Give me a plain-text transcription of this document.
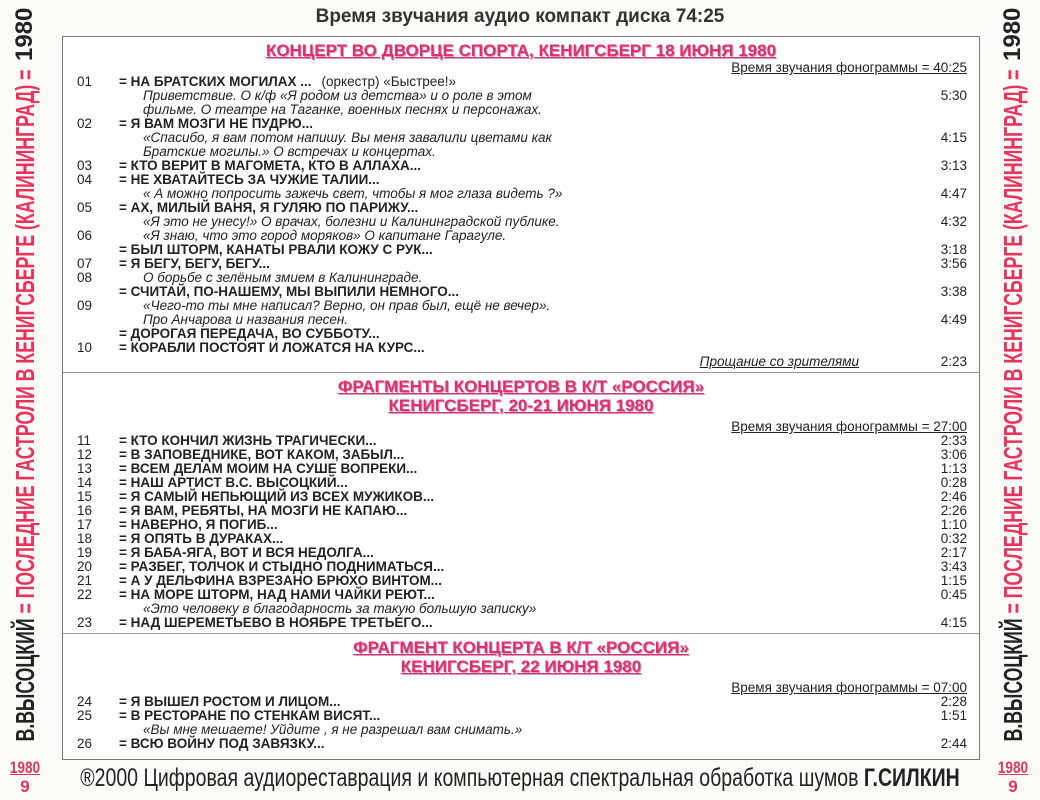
1980
В.ВЫСОЦКИЙ = ПОСЛЕДНИЕ ГАСТРОЛИ В КЕНИГСБЕРГЕ (КАЛИНИНГРАД) =
1980
9
1980
В.ВЫСОЦКИЙ = ПОСЛЕДНИЕ ГАСТРОЛИ В КЕНИГСБЕРГЕ (КАЛИНИНГРАД) =
1980
9
Время звучания аудио компакт диска 74:25
КОНЦЕРТ ВО ДВОРЦЕ СПОРТА, КЕНИГСБЕРГ 18 ИЮНЯ 1980
Время звучания фонограммы = 40:25
01	= НА БРАТСКИХ МОГИЛАХ ... (оркестр) «Быстрее!»
Приветствие. О к/ф «Я родом из детства» и о роле в этом	5:30
фильме. О театре на Таганке, военных песнях и персонажах.
02	= Я ВАМ МОЗГИ НЕ ПУДРЮ...
«Спасибо, я вам потом напишу. Вы меня завалили цветами как	4:15
Братские могилы.» О встречах и концертах.
03	= КТО ВЕРИТ В МАГОМЕТА, КТО В АЛЛАХА...	3:13
04	= НЕ ХВАТАЙТЕСЬ ЗА ЧУЖИЕ ТАЛИИ...
« А можно попросить зажечь свет, чтобы я мог глаза видеть ?»	4:47
05	= АХ, МИЛЫЙ ВАНЯ, Я ГУЛЯЮ ПО ПАРИЖУ...
«Я это не унесу!» О врачах, болезни и Калининградской публике.	4:32
06	«Я знаю, что это город моряков» О капитане Гарагуле.
= БЫЛ ШТОРМ, КАНАТЫ РВАЛИ КОЖУ С РУК...	3:18
07	= Я БЕГУ, БЕГУ, БЕГУ...	3:56
08	О борьбе с зелёным змием в Калининграде.
= СЧИТАЙ, ПО-НАШЕМУ, МЫ ВЫПИЛИ НЕМНОГО...	3:38
09	«Чего-то ты мне написал? Верно, он прав был, ещё не вечер».
Про Анчарова и названия песен.	4:49
= ДОРОГАЯ ПЕРЕДАЧА, ВО СУББОТУ...
10	= КОРАБЛИ ПОСТОЯТ И ЛОЖАТСЯ НА КУРС...
Прощание со зрителями	2:23
ФРАГМЕНТЫ КОНЦЕРТОВ В К/Т «РОССИЯ»
КЕНИГСБЕРГ, 20-21 ИЮНЯ 1980
Время звучания фонограммы = 27:00
11	= КТО КОНЧИЛ ЖИЗНЬ ТРАГИЧЕСКИ...	2:33
12	= В ЗАПОВЕДНИКЕ, ВОТ КАКОМ, ЗАБЫЛ...	3:06
13	= ВСЕМ ДЕЛАМ МОИМ НА СУШЕ ВОПРЕКИ...	1:13
14	= НАШ АРТИСТ В.С. ВЫСОЦКИЙ...	0:28
15	= Я САМЫЙ НЕПЬЮЩИЙ ИЗ ВСЕХ МУЖИКОВ...	2:46
16	= Я ВАМ, РЕБЯТЫ, НА МОЗГИ НЕ КАПАЮ...	2:26
17	= НАВЕРНО, Я ПОГИБ...	1:10
18	= Я ОПЯТЬ В ДУРАКАХ...	0:32
19	= Я БАБА-ЯГА, ВОТ И ВСЯ НЕДОЛГА...	2:17
20	= РАЗБЕГ, ТОЛЧОК И СТЫДНО ПОДНИМАТЬСЯ...	3:43
21	= А У ДЕЛЬФИНА ВЗРЕЗАНО БРЮХО ВИНТОМ...	1:15
22	= НА МОРЕ ШТОРМ, НАД НАМИ ЧАЙКИ РЕЮТ...	0:45
«Это человеку в благодарность за такую большую записку»
23	= НАД ШЕРЕМЕТЬЕВО В НОЯБРЕ ТРЕТЬЕГО...	4:15
ФРАГМЕНТ КОНЦЕРТА В К/Т «РОССИЯ»
КЕНИГСБЕРГ, 22 ИЮНЯ 1980
Время звучания фонограммы = 07:00
24	= Я ВЫШЕЛ РОСТОМ И ЛИЦОМ...	2:28
25	= В РЕСТОРАНЕ ПО СТЕНКАМ ВИСЯТ...	1:51
«Вы мне мешаете! Уйдите , я не разрешал вам снимать.»
26	= ВСЮ ВОЙНУ ПОД ЗАВЯЗКУ...	2:44
®2000 Цифровая аудиореставрация и компьютерная спектральная обработка шумов Г.СИЛКИН
